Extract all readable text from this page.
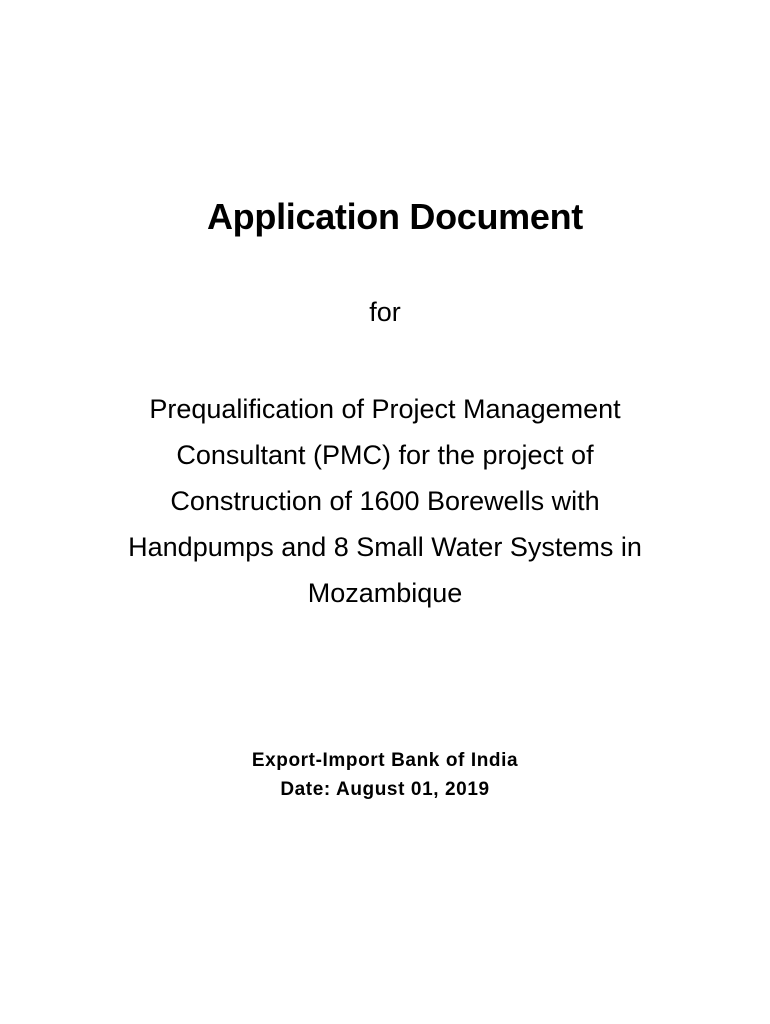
Application Document
for
Prequalification of Project Management
Consultant (PMC) for the project of
Construction of 1600 Borewells with
Handpumps and 8 Small Water Systems in
Mozambique
Export-Import Bank of India
Date: August 01, 2019
